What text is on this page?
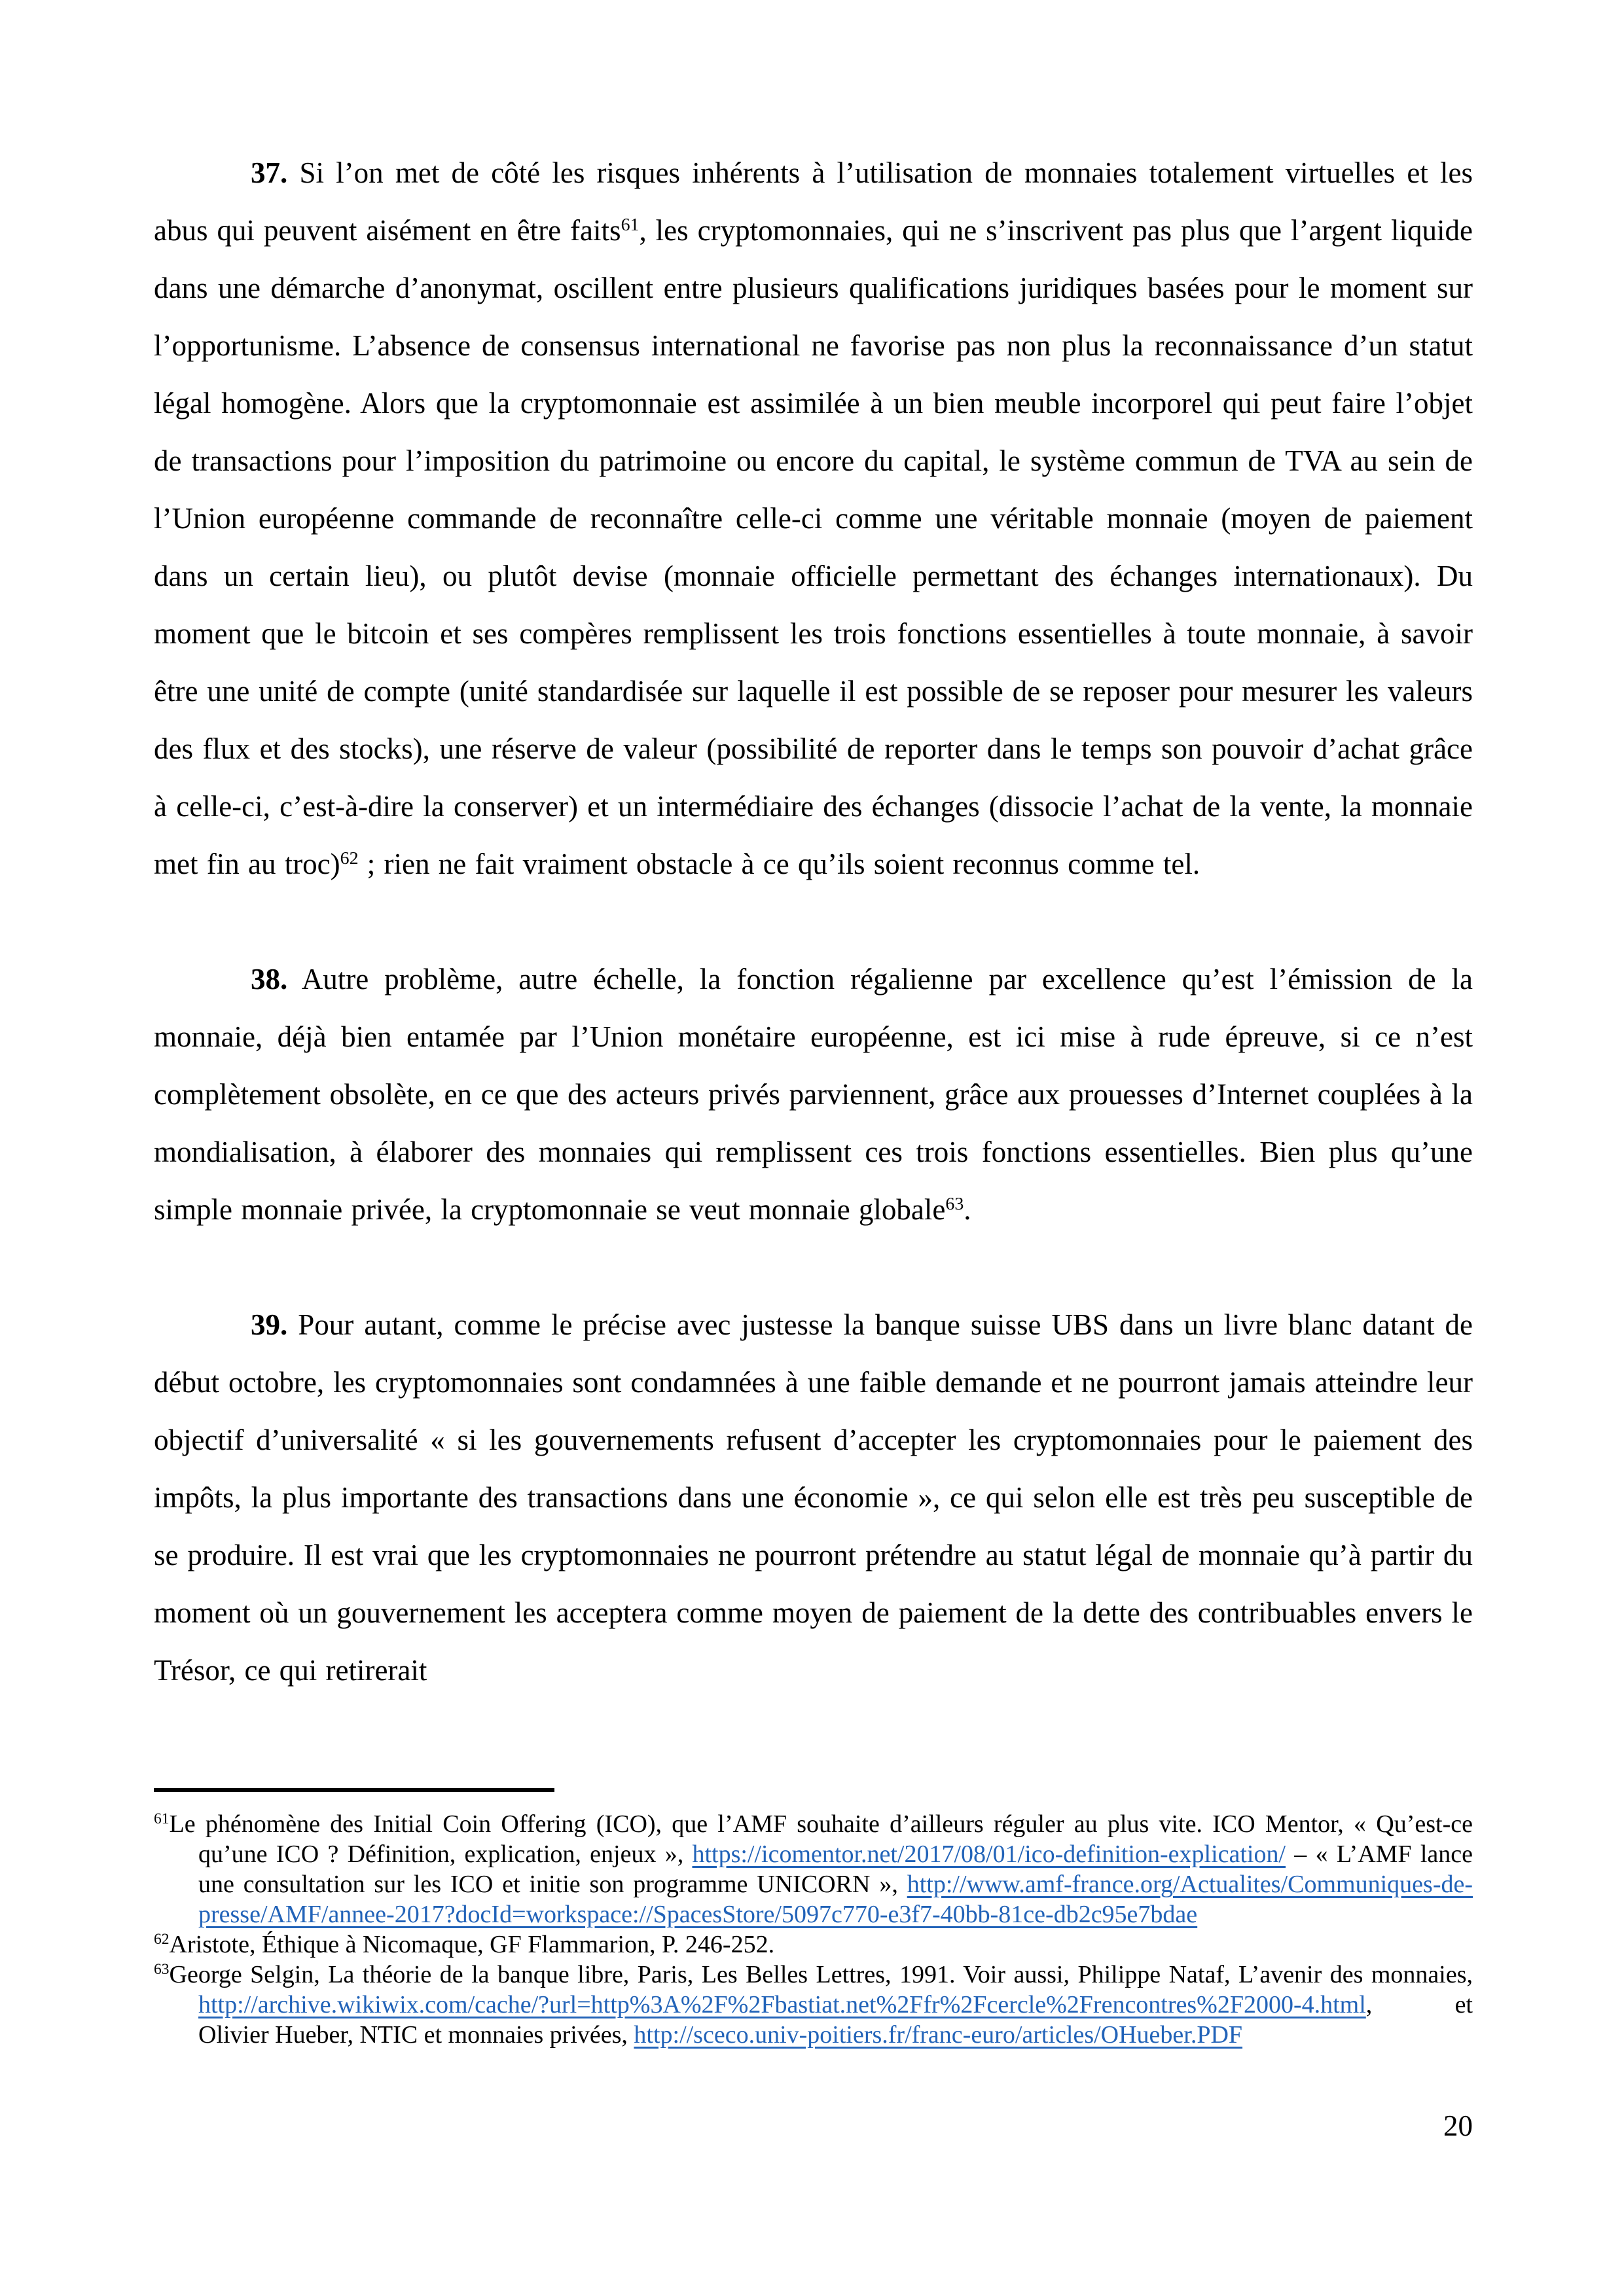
37. Si l’on met de côté les risques inhérents à l’utilisation de monnaies totalement virtuelles et les abus qui peuvent aisément en être faits$^{61}$, les cryptomonnaies, qui ne s’inscrivent pas plus que l’argent liquide dans une démarche d’anonymat, oscillent entre plusieurs qualifications juridiques basées pour le moment sur l’opportunisme. L’absence de consensus international ne favorise pas non plus la reconnaissance d’un statut légal homogène. Alors que la cryptomonnaie est assimilée à un bien meuble incorporel qui peut faire l’objet de transactions pour l’imposition du patrimoine ou encore du capital, le système commun de TVA au sein de l’Union européenne commande de reconnaître celle-ci comme une véritable monnaie (moyen de paiement dans un certain lieu), ou plutôt devise (monnaie officielle permettant des échanges internationaux). Du moment que le bitcoin et ses compères remplissent les trois fonctions essentielles à toute monnaie, à savoir être une unité de compte (unité standardisée sur laquelle il est possible de se reposer pour mesurer les valeurs des flux et des stocks), une réserve de valeur (possibilité de reporter dans le temps son pouvoir d’achat grâce à celle-ci, c’est-à-dire la conserver) et un intermédiaire des échanges (dissocie l’achat de la vente, la monnaie met fin au troc)$^{62}$ ; rien ne fait vraiment obstacle à ce qu’ils soient reconnus comme tel.

38. Autre problème, autre échelle, la fonction régalienne par excellence qu’est l’émission de la monnaie, déjà bien entamée par l’Union monétaire européenne, est ici mise à rude épreuve, si ce n’est complètement obsolète, en ce que des acteurs privés parviennent, grâce aux prouesses d’Internet couplées à la mondialisation, à élaborer des monnaies qui remplissent ces trois fonctions essentielles. Bien plus qu’une simple monnaie privée, la cryptomonnaie se veut monnaie globale$^{63}$.

39. Pour autant, comme le précise avec justesse la banque suisse UBS dans un livre blanc datant de début octobre, les cryptomonnaies sont condamnées à une faible demande et ne pourront jamais atteindre leur objectif d’universalité « si les gouvernements refusent d’accepter les cryptomonnaies pour le paiement des impôts, la plus importante des transactions dans une économie », ce qui selon elle est très peu susceptible de se produire. Il est vrai que les cryptomonnaies ne pourront prétendre au statut légal de monnaie qu’à partir du moment où un gouvernement les acceptera comme moyen de paiement de la dette des contribuables envers le Trésor, ce qui retirerait

$^{61}$Le phénomène des Initial Coin Offering (ICO), que l’AMF souhaite d’ailleurs réguler au plus vite. ICO Mentor, « Qu’est-ce qu’une ICO ? Définition, explication, enjeux », https://icomentor.net/2017/08/01/ico-definition-explication/ – « L’AMF lance une consultation sur les ICO et initie son programme UNICORN », http://www.amf-france.org/Actualites/Communiques-de-presse/AMF/annee-2017?docId=workspace://SpacesStore/5097c770-e3f7-40bb-81ce-db2c95e7bdae

$^{62}$Aristote, Éthique à Nicomaque, GF Flammarion, P. 246-252.

$^{63}$George Selgin, La théorie de la banque libre, Paris, Les Belles Lettres, 1991. Voir aussi, Philippe Nataf, L’avenir des monnaies, http://archive.wikiwix.com/cache/?url=http%3A%2F%2Fbastiat.net%2Ffr%2Fcercle%2Frencontres%2F2000-4.html, et Olivier Hueber, NTIC et monnaies privées, http://sceco.univ-poitiers.fr/franc-euro/articles/OHueber.PDF

20
